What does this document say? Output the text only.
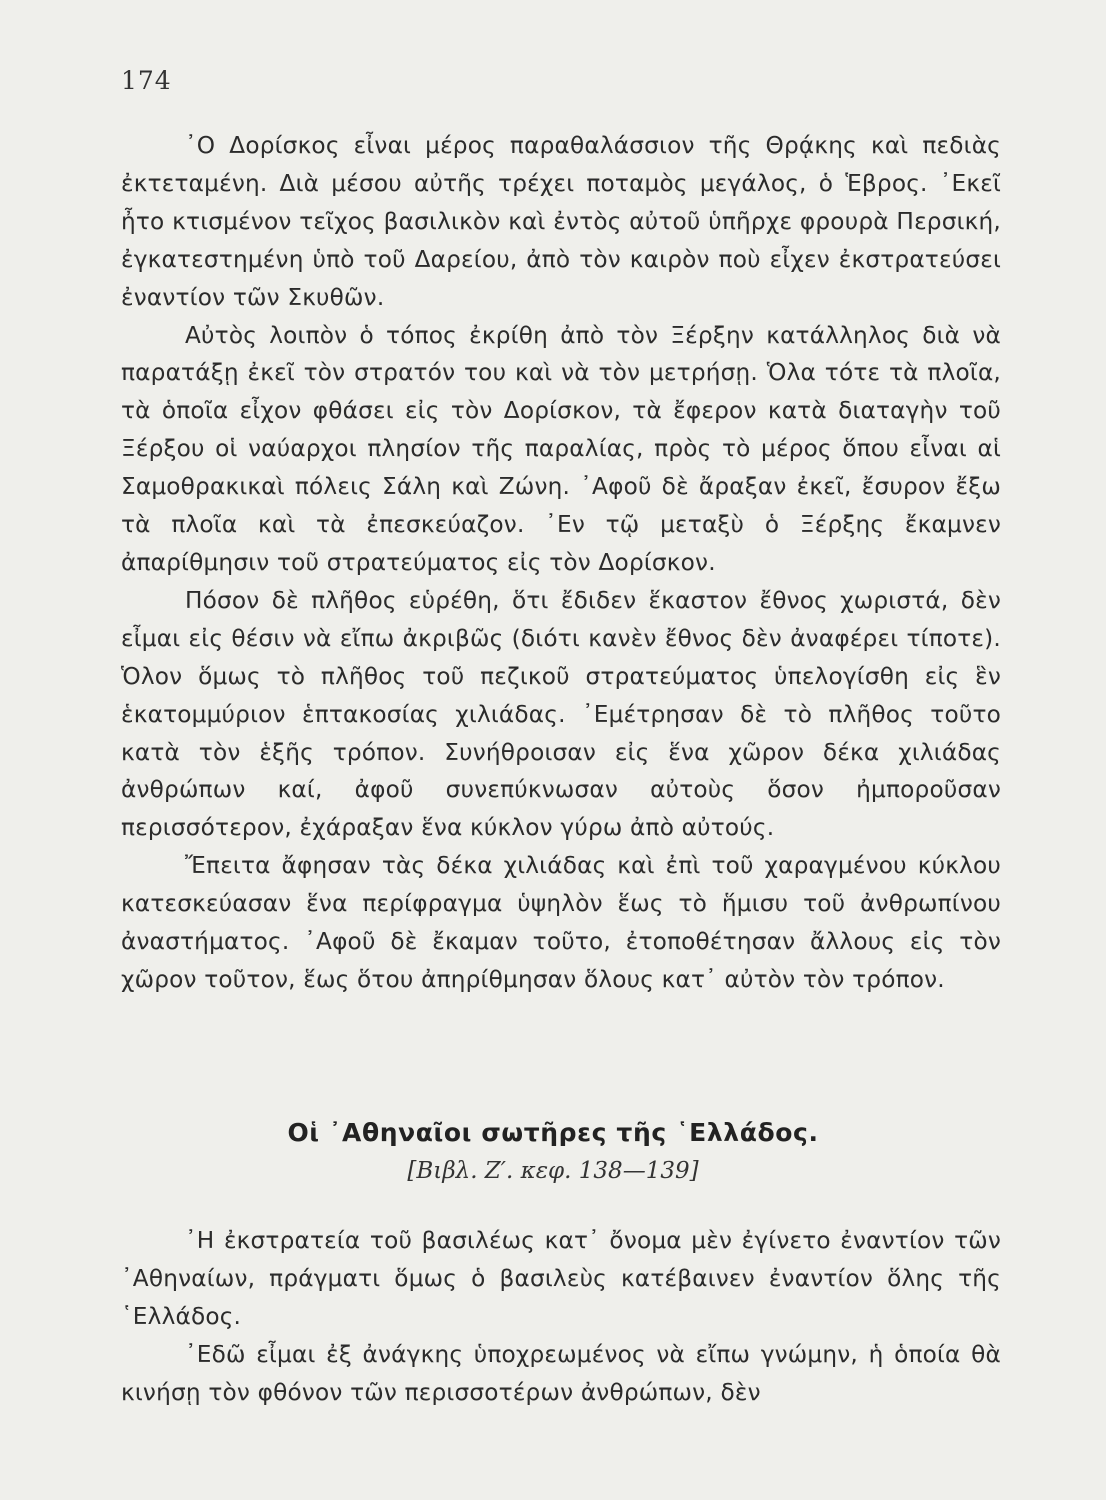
174

᾿Ο Δορίσκος εἶναι μέρος παραθαλάσσιον τῆς Θρᾴκης καὶ πεδιὰς ἐκτεταμένη. Διὰ μέσου αὐτῆς τρέχει ποταμὸς μεγάλος, ὁ Ἑβρος. ᾿Εκεῖ ἦτο κτισμένον τεῖχος βασιλικὸν καὶ ἐντὸς αὐτοῦ ὑπῆρχε φρουρὰ Περσική, ἐγκατεστημένη ὑπὸ τοῦ Δαρείου, ἀπὸ τὸν καιρὸν ποὺ εἶχεν ἐκστρατεύσει ἐναντίον τῶν Σκυθῶν.

Αὐτὸς λοιπὸν ὁ τόπος ἐκρίθη ἀπὸ τὸν Ξέρξην κατάλληλος διὰ νὰ παρατάξῃ ἐκεῖ τὸν στρατόν του καὶ νὰ τὸν μετρήσῃ. Ὁλα τότε τὰ πλοῖα, τὰ ὁποῖα εἶχον φθάσει εἰς τὸν Δορίσκον, τὰ ἔφερον κατὰ διαταγὴν τοῦ Ξέρξου οἱ ναύαρχοι πλησίον τῆς παραλίας, πρὸς τὸ μέρος ὅπου εἶναι αἱ Σαμοθρακικαὶ πόλεις Σάλη καὶ Ζώνη. ᾿Αφοῦ δὲ ἄραξαν ἐκεῖ, ἔσυρον ἔξω τὰ πλοῖα καὶ τὰ ἐπεσκεύαζον. ᾿Εν τῷ μεταξὺ ὁ Ξέρξης ἔκαμνεν ἀπαρίθμησιν τοῦ στρατεύματος εἰς τὸν Δορίσκον.

Πόσον δὲ πλῆθος εὑρέθη, ὅτι ἔδιδεν ἕκαστον ἔθνος χωριστά, δὲν εἶμαι εἰς θέσιν νὰ εἴπω ἀκριβῶς (διότι κανὲν ἔθνος δὲν ἀναφέρει τίποτε). Ὁλον ὅμως τὸ πλῆθος τοῦ πεζικοῦ στρατεύματος ὑπελογίσθη εἰς ἓν ἑκατομμύριον ἑπτακοσίας χιλιάδας. ᾿Εμέτρησαν δὲ τὸ πλῆθος τοῦτο κατὰ τὸν ἑξῆς τρόπον. Συνήθροισαν εἰς ἕνα χῶρον δέκα χιλιάδας ἀνθρώπων καί, ἀφοῦ συνεπύκνωσαν αὐτοὺς ὅσον ἠμποροῦσαν περισσότερον, ἐχάραξαν ἕνα κύκλον γύρω ἀπὸ αὐτούς.

Ἔπειτα ἄφησαν τὰς δέκα χιλιάδας καὶ ἐπὶ τοῦ χαραγμένου κύκλου κατεσκεύασαν ἕνα περίφραγμα ὑψηλὸν ἕως τὸ ἥμισυ τοῦ ἀνθρωπίνου ἀναστήματος. ᾿Αφοῦ δὲ ἔκαμαν τοῦτο, ἐτοποθέτησαν ἄλλους εἰς τὸν χῶρον τοῦτον, ἕως ὅτου ἀπηρίθμησαν ὅλους κατ᾿ αὐτὸν τὸν τρόπον.

Οἱ ᾿Αθηναῖοι σωτῆρες τῆς ῾Ελλάδος.
[Βιβλ. Ζ′. κεφ. 138—139]

᾿Η ἐκστρατεία τοῦ βασιλέως κατ᾿ ὄνομα μὲν ἐγίνετο ἐναντίον τῶν ᾿Αθηναίων, πράγματι ὅμως ὁ βασιλεὺς κατέβαινεν ἐναντίον ὅλης τῆς ῾Ελλάδος.

᾿Εδῶ εἶμαι ἐξ ἀνάγκης ὑποχρεωμένος νὰ εἴπω γνώμην, ἡ ὁποία θὰ κινήσῃ τὸν φθόνον τῶν περισσοτέρων ἀνθρώπων, δὲν
